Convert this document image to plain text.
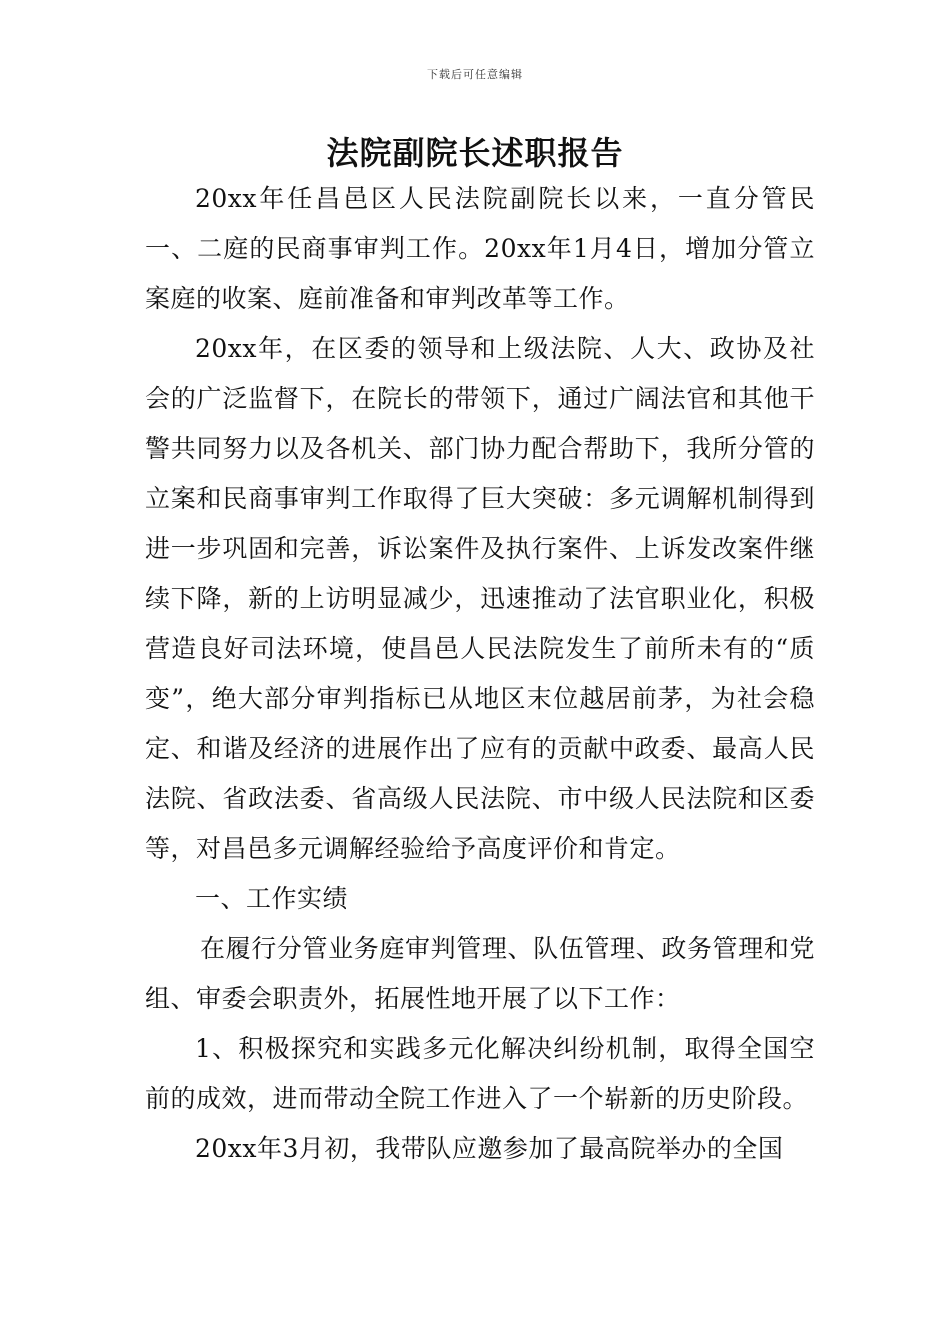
下载后可任意编辑
法院副院长述职报告

20xx年任昌邑区人民法院副院长以来，一直分管民一、二庭的民商事审判工作。20xx年1月4日，增加分管立案庭的收案、庭前准备和审判改革等工作。

20xx年，在区委的领导和上级法院、人大、政协及社会的广泛监督下，在院长的带领下，通过广阔法官和其他干警共同努力以及各机关、部门协力配合帮助下，我所分管的立案和民商事审判工作取得了巨大突破：多元调解机制得到进一步巩固和完善，诉讼案件及执行案件、上诉发改案件继续下降，新的上访明显减少，迅速推动了法官职业化，积极营造良好司法环境，使昌邑人民法院发生了前所未有的“质变”，绝大部分审判指标已从地区末位越居前茅，为社会稳定、和谐及经济的进展作出了应有的贡献中政委、最高人民法院、省政法委、省高级人民法院、市中级人民法院和区委等，对昌邑多元调解经验给予高度评价和肯定。

一、工作实绩

在履行分管业务庭审判管理、队伍管理、政务管理和党组、审委会职责外，拓展性地开展了以下工作：

1、积极探究和实践多元化解决纠纷机制，取得全国空前的成效，进而带动全院工作进入了一个崭新的历史阶段。

20xx年3月初，我带队应邀参加了最高院举办的全国
